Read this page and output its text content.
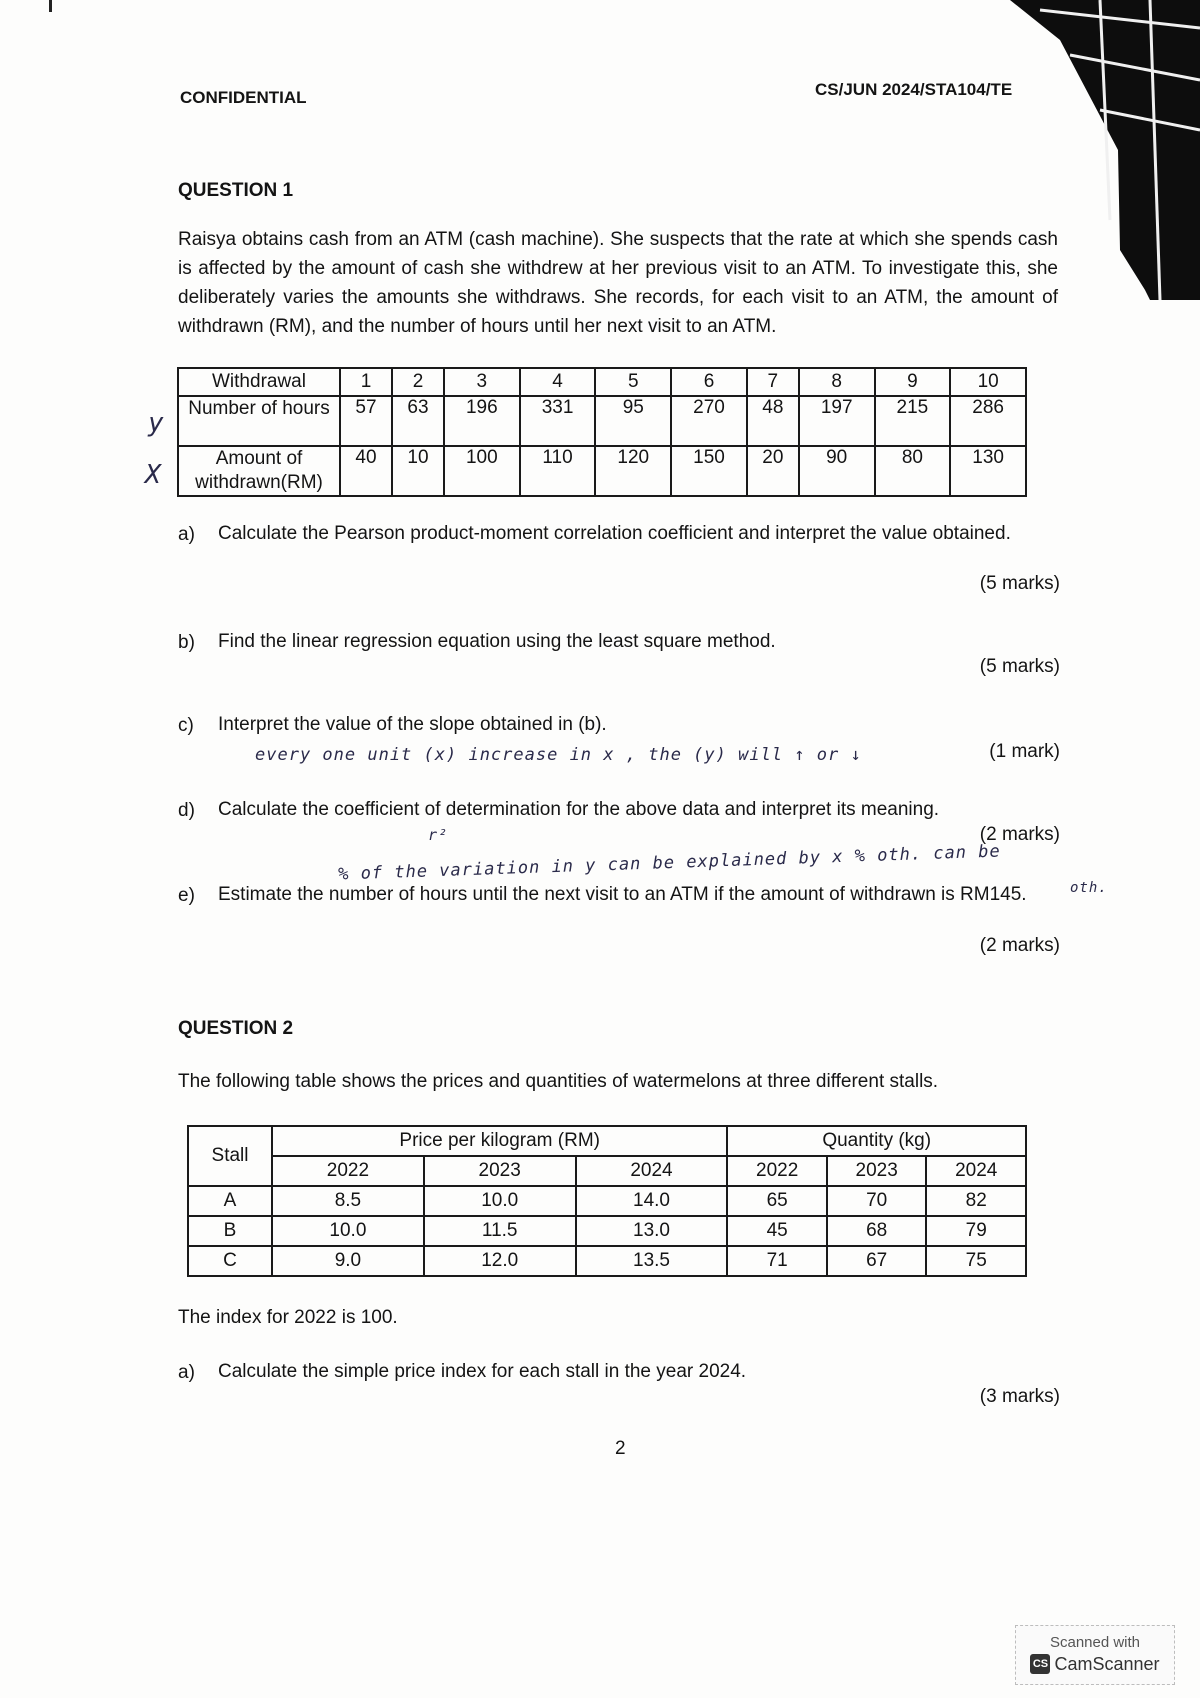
CONFIDENTIAL	CS/JUN 2024/STA104/TE
QUESTION 1
Raisya obtains cash from an ATM (cash machine). She suspects that the rate at which she spends cash is affected by the amount of cash she withdrew at her previous visit to an ATM. To investigate this, she deliberately varies the amounts she withdraws. She records, for each visit to an ATM, the amount of withdrawn (RM), and the number of hours until her next visit to an ATM.
y
X
Withdrawal	1	2	3	4	5	6	7	8	9	10
Number of hours	57	63	196	331	95	270	48	197	215	286
Amount of withdrawn(RM)	40	10	100	110	120	150	20	90	80	130
a) Calculate the Pearson product-moment correlation coefficient and interpret the value obtained.
(5 marks)
b) Find the linear regression equation using the least square method.
(5 marks)
c) Interpret the value of the slope obtained in (b).
every one unit (x) increase in x , the (y) will ↑ or ↓	(1 mark)
d) Calculate the coefficient of determination for the above data and interpret its meaning.
r²	(2 marks)
% of the variation in y can be explained by x % oth. can be
e) Estimate the number of hours until the next visit to an ATM if the amount of withdrawn is RM145.	oth.
(2 marks)
QUESTION 2
The following table shows the prices and quantities of watermelons at three different stalls.
Stall	Price per kilogram (RM)			Quantity (kg)		
	2022	2023	2024	2022	2023	2024
A	8.5	10.0	14.0	65	70	82
B	10.0	11.5	13.0	45	68	79
C	9.0	12.0	13.5	71	67	75
The index for 2022 is 100.
a) Calculate the simple price index for each stall in the year 2024.
(3 marks)
2
Scanned with
CS CamScanner
